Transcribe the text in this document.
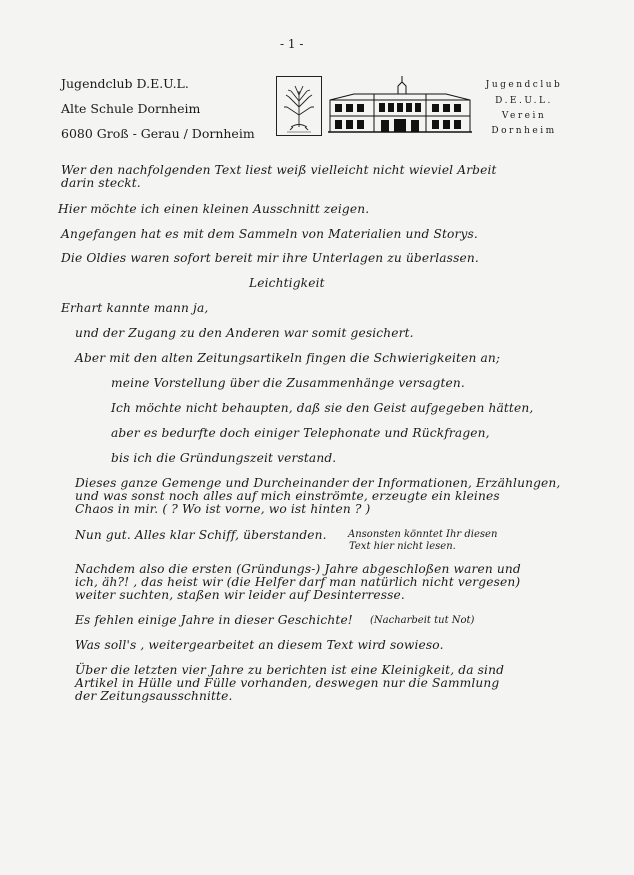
- 1 -
Jugendclub D.E.U.L.
Alte Schule Dornheim
6080 Groß - Gerau / Dornheim
Jugendclub
D.E.U.L.
Verein
Dornheim
Wer den nachfolgenden Text liest weiß vielleicht nicht wieviel Arbeit
darin steckt.
Hier möchte ich einen kleinen Ausschnitt zeigen.
Angefangen hat es mit dem Sammeln von Materialien und Storys.
Die Oldies waren sofort bereit mir ihre Unterlagen zu überlassen.
Leichtigkeit
Erhart kannte mann ja,
und der Zugang zu den Anderen war somit gesichert.
Aber mit den alten Zeitungsartikeln fingen die Schwierigkeiten an;
meine Vorstellung über die Zusammenhänge versagten.
Ich möchte nicht behaupten, daß sie den Geist aufgegeben hätten,
aber es bedurfte doch einiger Telephonate und Rückfragen,
bis ich die Gründungszeit verstand.
Dieses ganze Gemenge und Durcheinander der Informationen, Erzählungen,
und was sonst noch alles auf mich einströmte, erzeugte ein kleines
Chaos in mir. ( ? Wo ist vorne, wo ist hinten ? )
Nun gut. Alles klar Schiff, überstanden. Ansonsten könntet Ihr diesen
Text hier nicht lesen.
Nachdem also die ersten (Gründungs-) Jahre abgeschloßen waren und
ich, äh?! , das heist wir (die Helfer darf man natürlich nicht vergesen)
weiter suchten, staßen wir leider auf Desinterresse.
Es fehlen einige Jahre in dieser Geschichte! (Nacharbeit tut Not)
Was soll's , weitergearbeitet an diesem Text wird sowieso.
Über die letzten vier Jahre zu berichten ist eine Kleinigkeit, da sind
Artikel in Hülle und Fülle vorhanden, deswegen nur die Sammlung
der Zeitungsausschnitte.
